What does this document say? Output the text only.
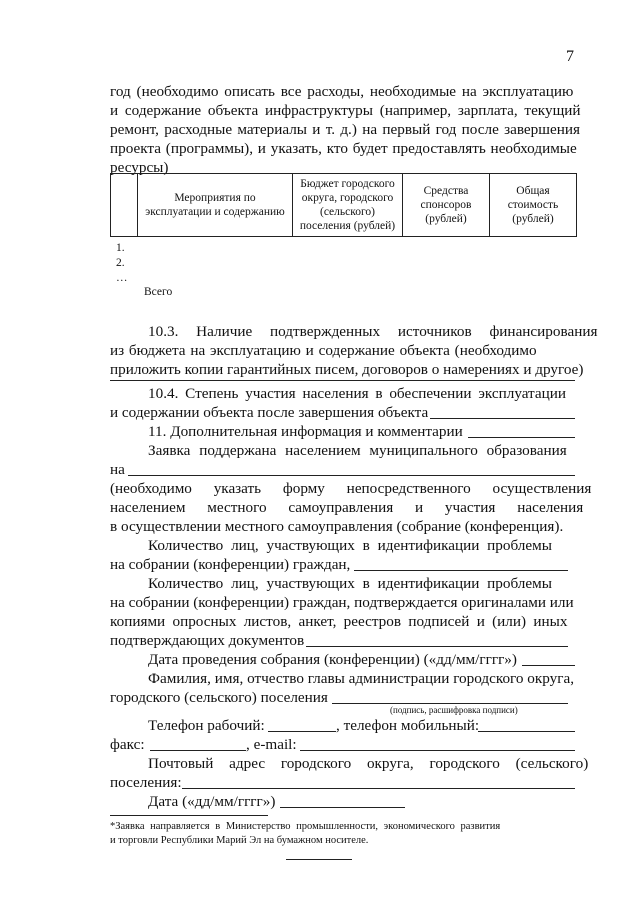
7
год (необходимо описать все расходы, необходимые на эксплуатацию
и содержание объекта инфраструктуры (например, зарплата, текущий
ремонт, расходные материалы и т. д.) на первый год после завершения
проекта (программы), и указать, кто будет предоставлять необходимые
ресурсы)
	Мероприятия по эксплуатации и содержанию	Бюджет городского округа, городского (сельского) поселения (рублей)	Средства спонсоров (рублей)	Общая стоимость (рублей)
1.
2.
…
Всего
10.3. Наличие подтвержденных источников финансирования
из бюджета на эксплуатацию и содержание объекта (необходимо
приложить копии гарантийных писем, договоров о намерениях и другое)
10.4. Степень участия населения в обеспечении эксплуатации
и содержании объекта после завершения объекта
11. Дополнительная информация и комментарии
Заявка поддержана населением муниципального образования
на
(необходимо указать форму непосредственного осуществления
населением местного самоуправления и участия населения
в осуществлении местного самоуправления (собрание (конференция).
Количество лиц, участвующих в идентификации проблемы
на собрании (конференции) граждан,
Количество лиц, участвующих в идентификации проблемы
на собрании (конференции) граждан, подтверждается оригиналами или
копиями опросных листов, анкет, реестров подписей и (или) иных
подтверждающих документов
Дата проведения собрания (конференции) («дд/мм/гггг»)
Фамилия, имя, отчество главы администрации городского округа,
городского (сельского) поселения
(подпись, расшифровка подписи)
Телефон рабочий:	, телефон мобильный:
факс:	, e-mail:
Почтовый адрес городского округа, городского (сельского)
поселения:
Дата («дд/мм/гггг»)
*Заявка направляется в Министерство промышленности, экономического развития
и торговли Республики Марий Эл на бумажном носителе.
